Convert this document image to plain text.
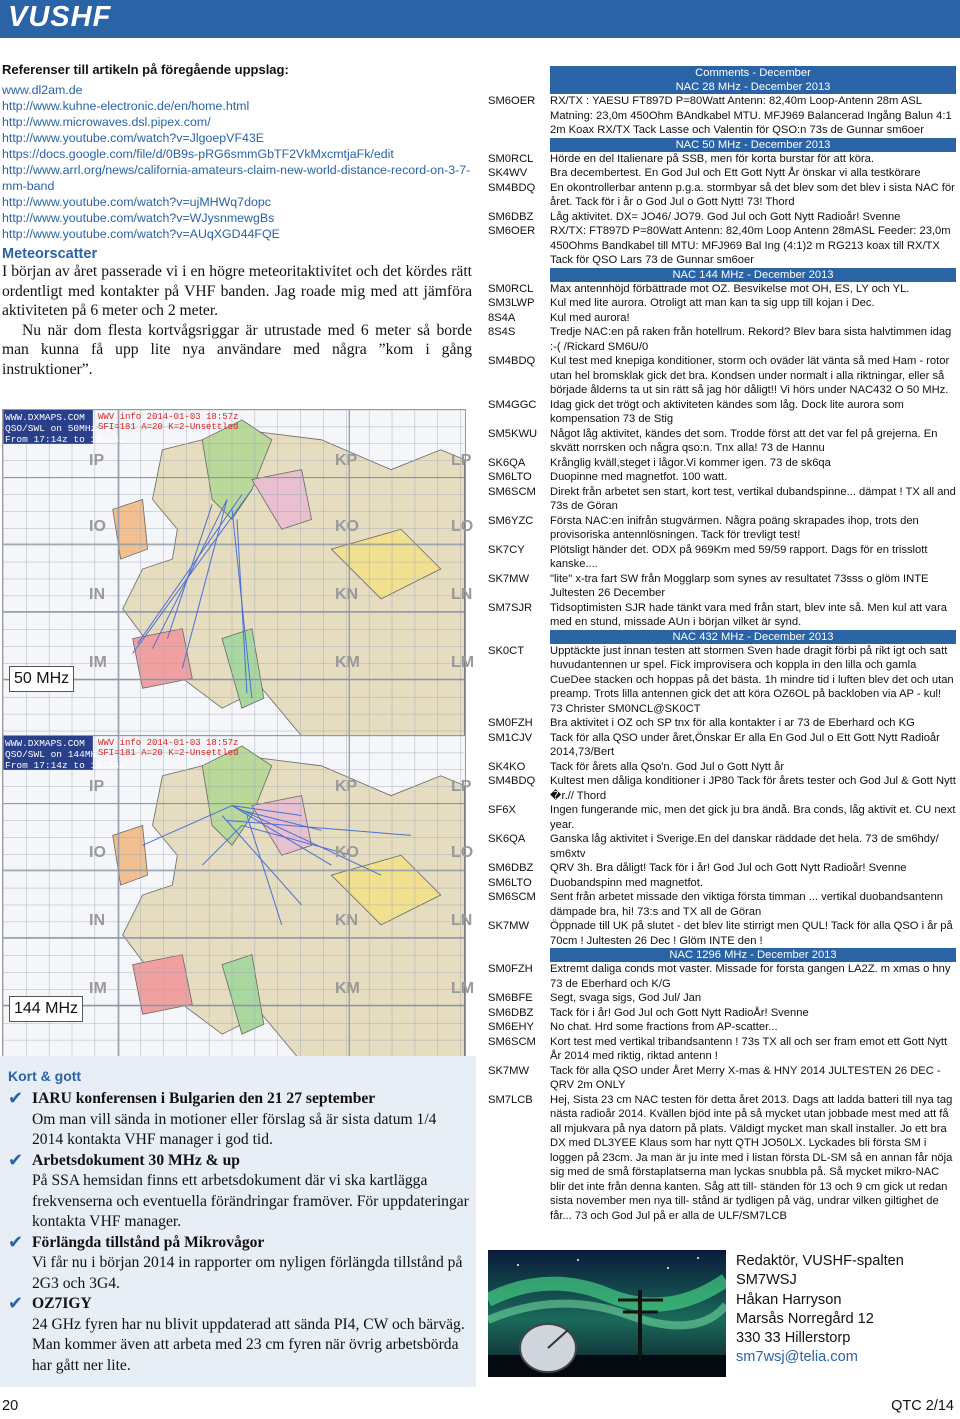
VUSHF
Referenser till artikeln på föregående uppslag:
www.dl2am.de
http://www.kuhne-electronic.de/en/home.html
http://www.microwaves.dsl.pipex.com/
http://www.youtube.com/watch?v=JlgoepVF43E
https://docs.google.com/file/d/0B9s-pRG6smmGbTF2VkMxcmtjaFk/edit
http://www.arrl.org/news/california-amateurs-claim-new-world-distance-record-on-3-7-mm-band
http://www.youtube.com/watch?v=ujMHWq7dopc
http://www.youtube.com/watch?v=WJysnmewgBs
http://www.youtube.com/watch?v=AUqXGD44FQE
Meteorscatter

I början av året passerade vi i en högre meteoritaktivitet och det kördes rätt ordentligt med kontakter på VHF banden. Jag roade mig med att jämföra aktiviteten på 6 meter och 2 meter.

Nu när dom flesta kortvågsriggar är utrustade med 6 meter så borde man kunna få upp lite nya användare med några ”kom i gång instruktioner”.

WWW.DXMAPS.COM
QSO/SWL on 50MHz
From 17:14z to 18:14z
WWV info 2014-01-03 18:57z
SFI=181 A=20 K=2-Unsettled
IP	KP	LP
IO	KO	LO
IN	KN	LN
IM	KM	LM
50 MHz
WWW.DXMAPS.COM
QSO/SWL on 144MHz
From 17:14z to 18:14z
WWV info 2014-01-03 18:57z
SFI=181 A=20 K=2-Unsettled
IP	KP	LP
IO	KO	LO
IN	KN	LN
IM	KM	LM
144 MHz
Kort & gott
✔ IARU konferensen i Bulgarien den 21 27 september
Om man vill sända in motioner eller förslag så är sista datum 1/4 2014 kontakta VHF manager i god tid.
✔ Arbetsdokument 30 MHz & up
På SSA hemsidan finns ett arbetsdokument där vi ska kartlägga frekvenserna och eventuella förändringar framöver. För uppdateringar kontakta VHF manager.
✔ Förlängda tillstånd på Mikrovågor
Vi får nu i början 2014 in rapporter om nyligen förlängda tillstånd på 2G3 och 3G4.
✔ OZ7IGY
24 GHz fyren har nu blivit uppdaterad att sända PI4, CW och bärväg. Man kommer även att arbeta med 23 cm fyren när övrig arbetsbörda har gått ner lite.
Comments - December
NAC 28 MHz - December 2013
SM6OER	RX/TX : YAESU FT897D P=80Watt Antenn: 82,40m Loop-Antenn 28m ASL Matning: 23,0m 450Ohm BAndkabel MTU. MFJ969 Balancerad Ingång Balun 4:1 2m Koax RX/TX Tack Lasse och Valentin för QSO:n 73s de Gunnar sm6oer
NAC 50 MHz - December 2013
SM0RCL	Hörde en del Italienare på SSB, men för korta burstar för att köra.
SK4WV	Bra decembertest. En God Jul och Ett Gott Nytt År önskar vi alla testkörare
SM4BDQ	En okontrollerbar antenn p.g.a. stormbyar så det blev som det blev i sista NAC för året. Tack för i år o God Jul o Gott Nytt! 73! Thord
SM6DBZ	Låg aktivitet. DX= JO46/ JO79. God Jul och Gott Nytt Radioår! Svenne
SM6OER	RX/TX: FT897D P=80Watt Antenn: 82,40m Loop Antenn 28mASL Feeder: 23,0m 450Ohms Bandkabel till MTU: MFJ969 Bal Ing (4:1)2 m RG213 koax till RX/TX Tack för QSO Lars 73 de Gunnar sm6oer
NAC 144 MHz - December 2013
SM0RCL	Max antennhöjd förbättrade mot OZ. Besvikelse mot OH, ES, LY och YL.
SM3LWP	Kul med lite aurora. Otroligt att man kan ta sig upp till kojan i Dec.
8S4A	Kul med aurora!
8S4S	Tredje NAC:en på raken från hotellrum. Rekord? Blev bara sista halvtimmen idag :-( /Rickard SM6U/0
SM4BDQ	Kul test med knepiga konditioner, storm och oväder lät vänta så med Ham - rotor utan hel bromsklak gick det bra. Kondsen under normalt i alla riktningar, eller så började ålderns ta ut sin rätt så jag hör dåligt!! Vi hörs under NAC432 O 50 MHz.
SM4GGC	Idag gick det trögt och aktiviteten kändes som låg. Dock lite aurora som kompensation 73 de Stig
SM5KWU	Något låg aktivitet, kändes det som. Trodde först att det var fel på grejerna. En skvätt norrsken och några qso:n. Tnx alla! 73 de Hannu
SK6QA	Krånglig kväll,steget i lågor.Vi kommer igen. 73 de sk6qa
SM6LTO	Duopinne med magnetfot. 100 watt.
SM6SCM	Direkt från arbetet sen start, kort test, vertikal dubandspinne... dämpat ! TX all and 73s de Göran
SM6YZC	Första NAC:en inifrån stugvärmen. Några poäng skrapades ihop, trots den provisoriska antennlösningen. Tack för trevligt test!
SK7CY	Plötsligt händer det. ODX på 969Km med 59/59 rapport. Dags för en trisslott kanske....
SK7MW	"lite" x-tra fart SW från Mogglarp som synes av resultatet 73sss o glöm INTE Jultesten 26 December
SM7SJR	Tidsoptimisten SJR hade tänkt vara med från start, blev inte så. Men kul att vara med en stund, missade AUn i början vilket är synd.
NAC 432 MHz - December 2013
SK0CT	Upptäckte just innan testen att stormen Sven hade dragit förbi på rikt igt och satt huvudantennen ur spel. Fick improvisera och koppla in den lilla och gamla CueDee stacken och hoppas på det bästa. 1h mindre tid i luften blev det och utan preamp. Trots lilla antennen gick det att köra OZ6OL på backloben via AP - kul! 73 Christer SM0NCL@SK0CT
SM0FZH	Bra aktivitet i OZ och SP tnx för alla kontakter i ar 73 de Eberhard och KG
SM1CJV	Tack för alla QSO under året,Önskar Er alla En God Jul o Ett Gott Nytt Radioår 2014,73/Bert
SK4KO	Tack för årets alla Qso'n. God Jul o Gott Nytt år
SM4BDQ	Kultest men dåliga konditioner i JP80 Tack för årets tester och God Jul & Gott Nytt �r.// Thord
SF6X	Ingen fungerande mic, men det gick ju bra ändå. Bra conds, låg aktivit et. CU next year.
SK6QA	Ganska låg aktivitet i Sverige.En del danskar räddade det hela. 73 de sm6hdy/ sm6xtv
SM6DBZ	QRV 3h. Bra dåligt! Tack för i år! God Jul och Gott Nytt Radioår! Svenne
SM6LTO	Duobandspinn med magnetfot.
SM6SCM	Sent från arbetet missade den viktiga första timman ... vertikal duobandsantenn dämpade bra, hi! 73:s and TX all de Göran
SK7MW	Öppnade till UK på slutet - det blev lite stirrigt men QUL! Tack för alla QSO i år på 70cm ! Jultesten 26 Dec ! Glöm INTE den !
NAC 1296 MHz - December 2013
SM0FZH	Extremt daliga conds mot vaster. Missade for forsta gangen LA2Z. m xmas o hny 73 de Eberhard och K/G
SM6BFE	Segt, svaga sigs, God Jul/ Jan
SM6DBZ	Tack för i år! God Jul och Gott Nytt RadioÅr! Svenne
SM6EHY	No chat. Hrd some fractions from AP-scatter...
SM6SCM	Kort test med vertikal tribandsantenn ! 73s TX all och ser fram emot ett Gott Nytt År 2014 med riktig, riktad antenn !
SK7MW	Tack för alla QSO under Året Merry X-mas & HNY 2014 JULTESTEN 26 DEC - QRV 2m ONLY
SM7LCB	Hej, Sista 23 cm NAC testen för detta året 2013. Dags att ladda batteri till nya tag nästa radioår 2014. Kvällen bjöd inte på så mycket utan jobbade mest med att få all mjukvara på nya datorn på plats. Väldigt mycket man skall installer. Jo ett bra DX med DL3YEE Klaus som har nytt QTH JO50LX. Lyckades bli första SM i loggen på 23cm. Ja man är ju inte med i listan första DL-SM så en annan får nöja sig med de små förstaplatserna man lyckas snubbla på. Så mycket mikro-NAC blir det inte från denna kanten. Såg att till- ständen för 13 och 9 cm gick ut redan sista november men nya till- stånd är tydligen på väg, undrar vilken giltighet de får... 73 och God Jul på er alla de ULF/SM7LCB
Redaktör, VUSHF-spalten
SM7WSJ
Håkan Harryson
Marsås Norregård 12
330 33 Hillerstorp
sm7wsj@telia.com
20	QTC 2/14
